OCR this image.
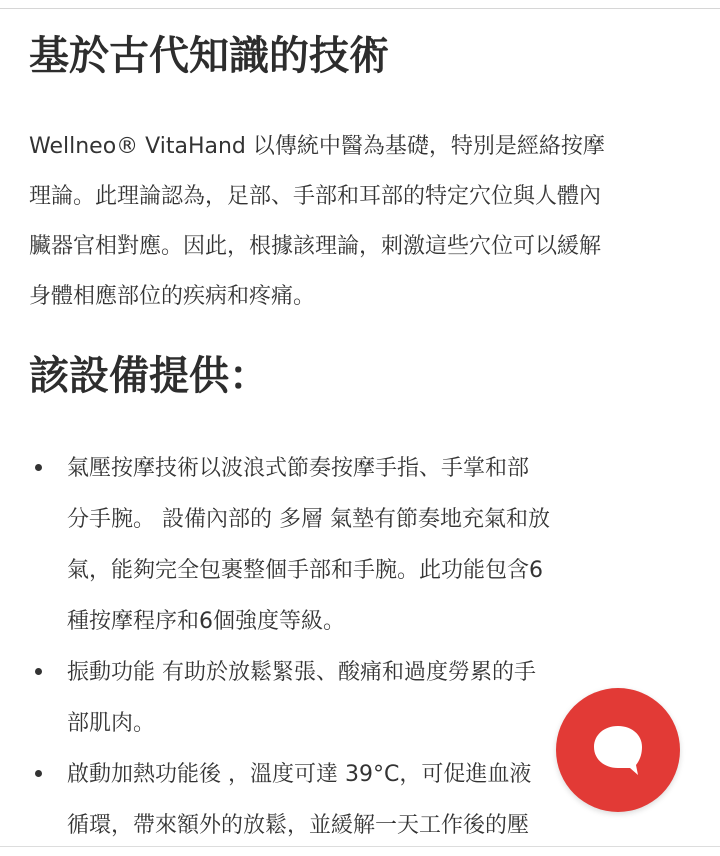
基於古代知識的技術
Wellneo® VitaHand 以傳統中醫為基礎，特別是經絡按摩
理論。此理論認為，足部、手部和耳部的特定穴位與人體內
臟器官相對應。因此，根據該理論，刺激這些穴位可以緩解
身體相應部位的疾病和疼痛。
該設備提供：
氣壓按摩技術以波浪式節奏按摩手指、手掌和部
分手腕。 設備內部的 多層 氣墊有節奏地充氣和放
氣，能夠完全包裹整個手部和手腕。此功能包含6
種按摩程序和6個強度等級。
振動功能 有助於放鬆緊張、酸痛和過度勞累的手
部肌肉。
啟動加熱功能後 ，溫度可達 39°C，可促進血液
循環，帶來額外的放鬆，並緩解一天工作後的壓
